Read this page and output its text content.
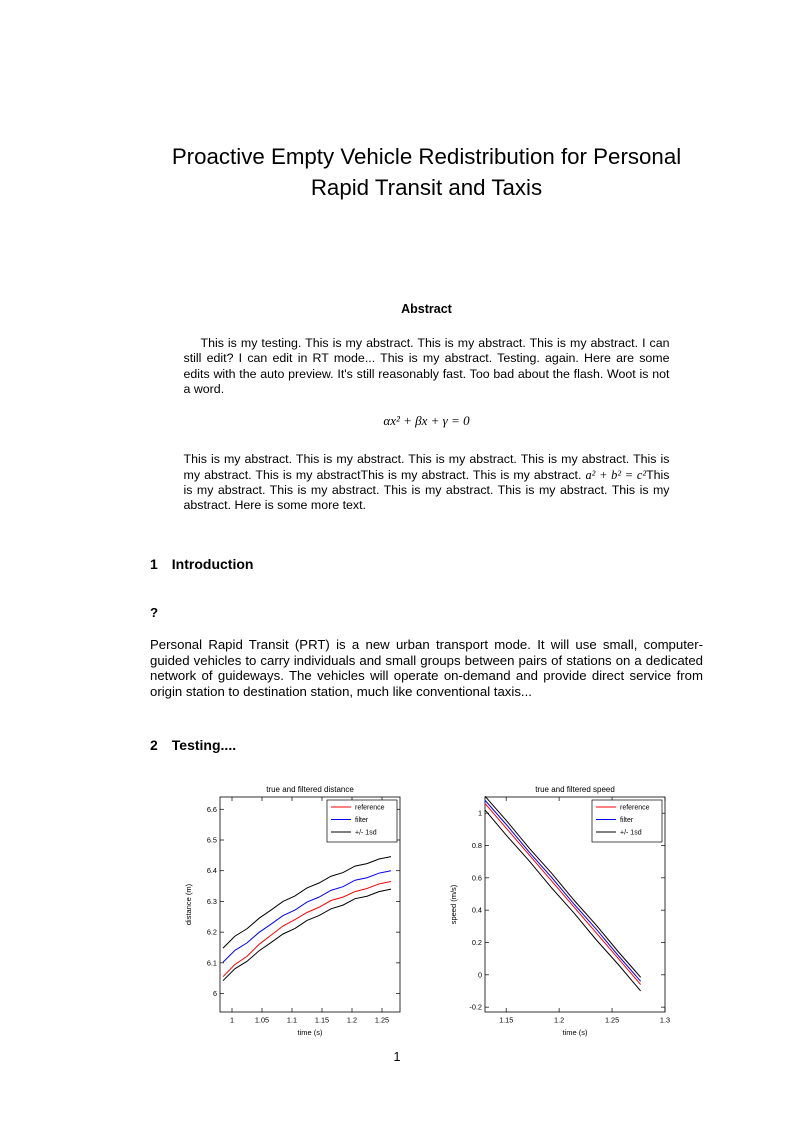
Proactive Empty Vehicle Redistribution for Personal
Rapid Transit and Taxis
Abstract

This is my testing. This is my abstract. This is my abstract. This is my abstract. I can still edit? I can edit in RT mode... This is my abstract. Testing. again. Here are some edits with the auto preview. It's still reasonably fast. Too bad about the flash. Woot is not a word.

αx² + βx + γ = 0

This is my abstract. This is my abstract. This is my abstract. This is my abstract. This is my abstract. This is my abstractThis is my abstract. This is my abstract. a² + b² = c²This is my abstract. This is my abstract. This is my abstract. This is my abstract. This is my abstract. Here is some more text.

1 Introduction

?

Personal Rapid Transit (PRT) is a new urban transport mode. It will use small, computer-guided vehicles to carry individuals and small groups between pairs of stations on a dedicated network of guideways. The vehicles will operate on-demand and provide direct service from origin station to destination station, much like conventional taxis...

2 Testing....
true and filtered distance
1	1.05 1.1 1.15 1.2 1.25
6
6.1
6.2
6.3
6.4
6.5
6.6
time (s)
distance (m)
reference
filter
+/- 1sd
true and filtered speed
1.15	1.2	1.25	1.3
-0.2
0
0.2
0.4
0.6
0.8
1
time (s)
speed (m/s)
reference
filter
+/- 1sd
1
